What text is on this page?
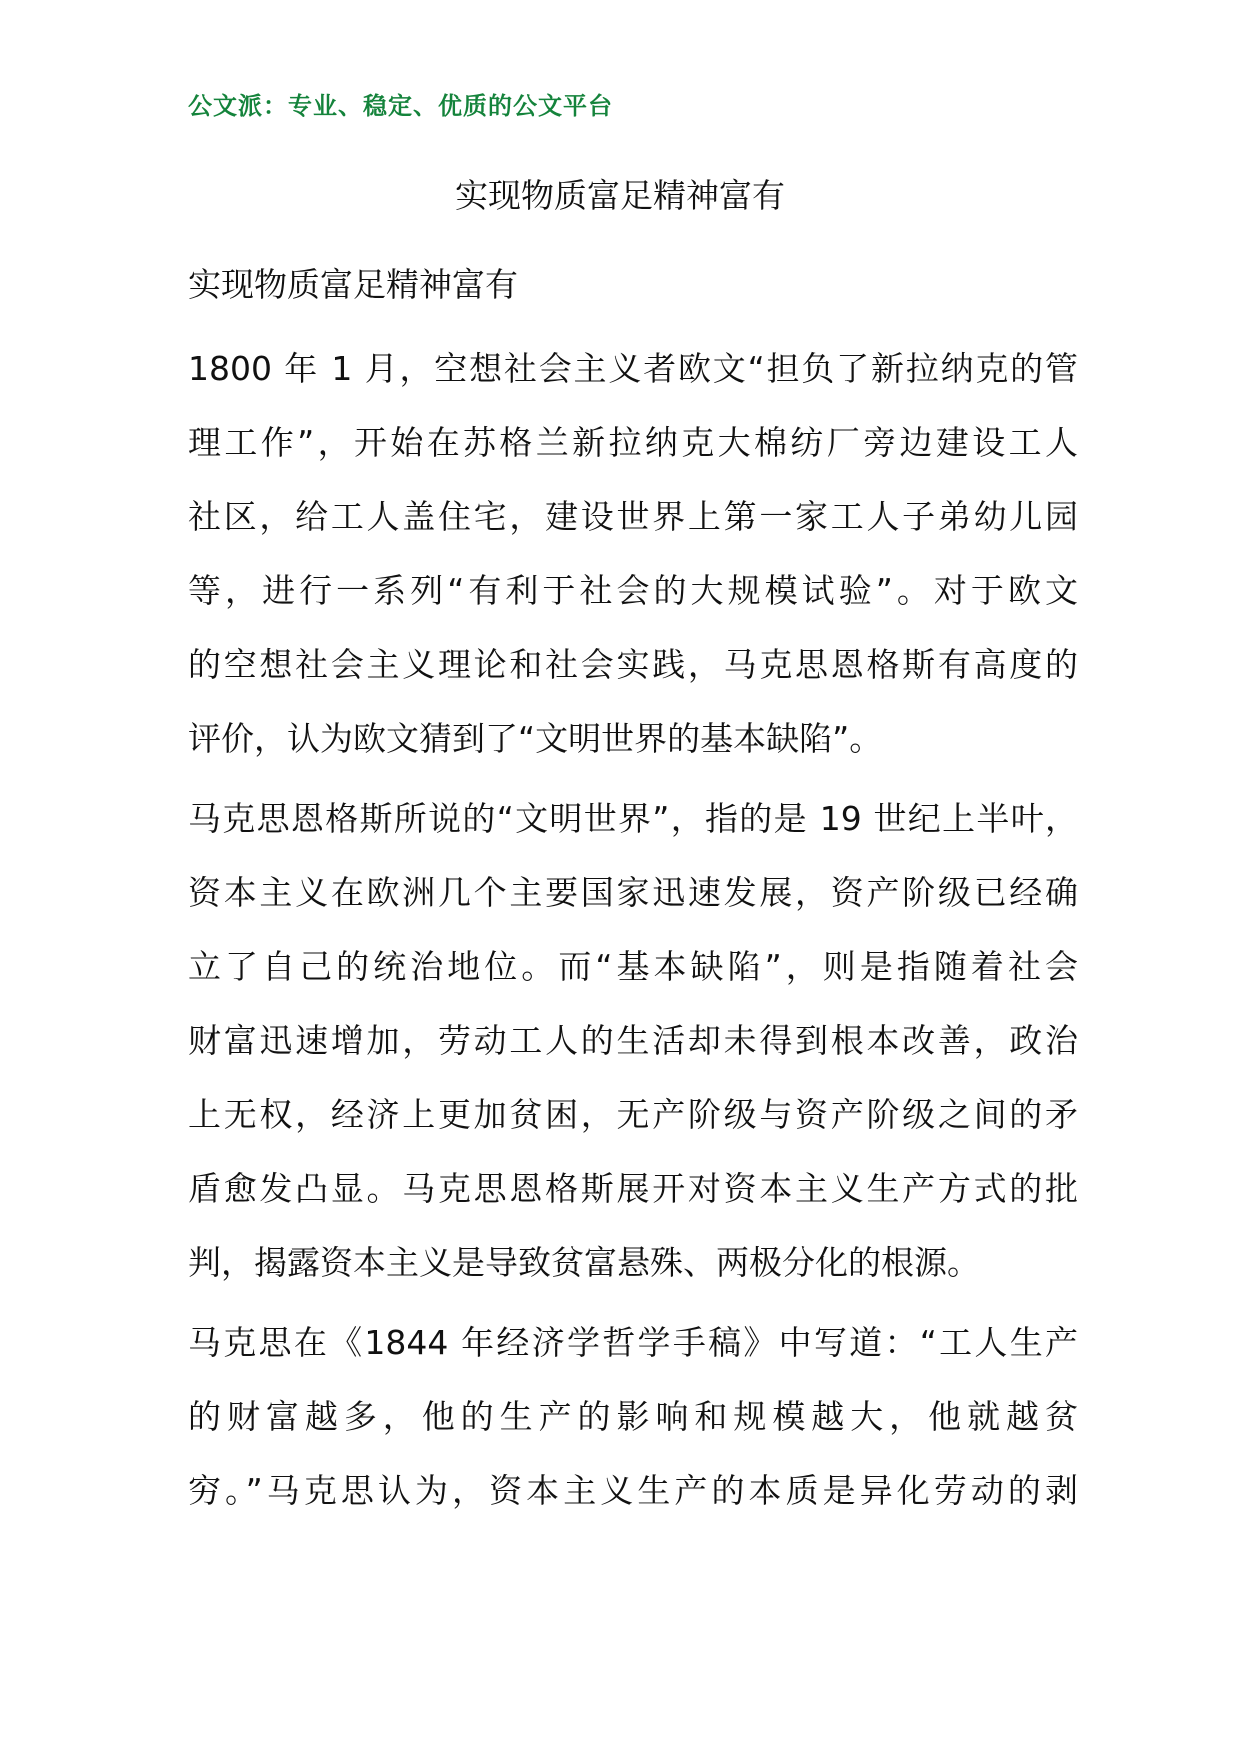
公文派：专业、稳定、优质的公文平台
实现物质富足精神富有
实现物质富足精神富有
1800 年 1 月，空想社会主义者欧文“担负了新拉纳克的管
理工作”，开始在苏格兰新拉纳克大棉纺厂旁边建设工人
社区，给工人盖住宅，建设世界上第一家工人子弟幼儿园
等，进行一系列“有利于社会的大规模试验”。对于欧文
的空想社会主义理论和社会实践，马克思恩格斯有高度的
评价，认为欧文猜到了“文明世界的基本缺陷”。
马克思恩格斯所说的“文明世界”，指的是 19 世纪上半叶，
资本主义在欧洲几个主要国家迅速发展，资产阶级已经确
立了自己的统治地位。而“基本缺陷”，则是指随着社会
财富迅速增加，劳动工人的生活却未得到根本改善，政治
上无权，经济上更加贫困，无产阶级与资产阶级之间的矛
盾愈发凸显。马克思恩格斯展开对资本主义生产方式的批
判，揭露资本主义是导致贫富悬殊、两极分化的根源。
马克思在《1844 年经济学哲学手稿》中写道：“工人生产
的财富越多，他的生产的影响和规模越大，他就越贫
穷。”马克思认为，资本主义生产的本质是异化劳动的剥
